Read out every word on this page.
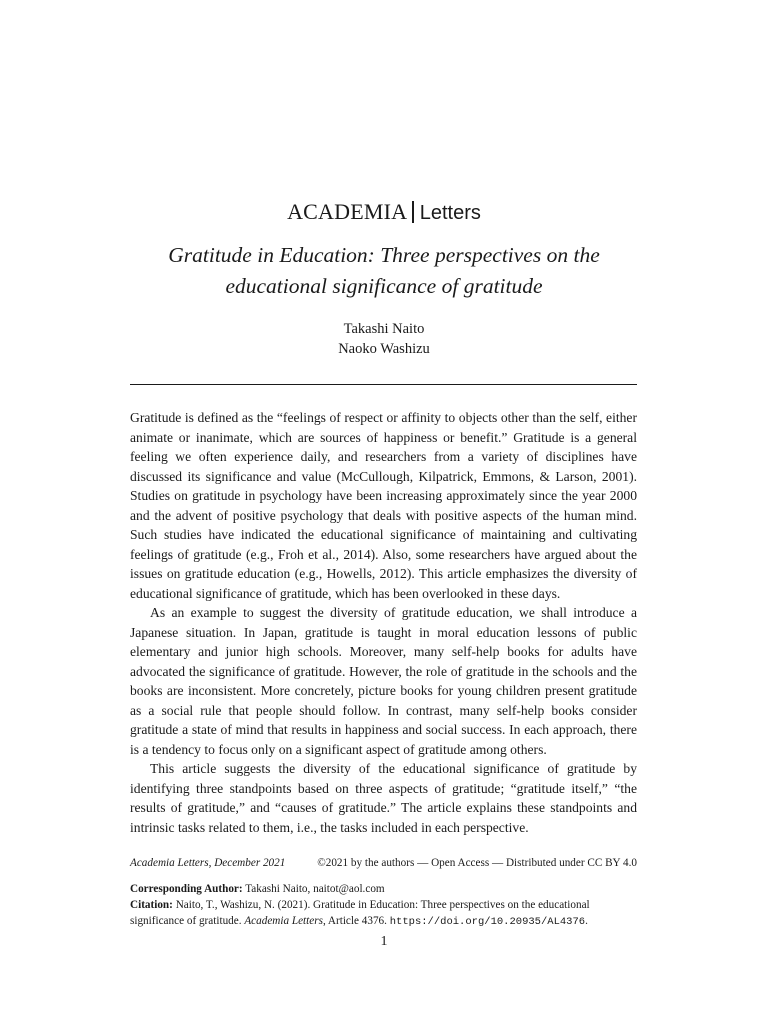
ACADEMIA Letters
Gratitude in Education: Three perspectives on the
educational significance of gratitude
Takashi Naito
Naoko Washizu

Gratitude is defined as the “feelings of respect or affinity to objects other than the self, either animate or inanimate, which are sources of happiness or benefit.” Gratitude is a general feeling we often experience daily, and researchers from a variety of disciplines have discussed its significance and value (McCullough, Kilpatrick, Emmons, & Larson, 2001). Studies on gratitude in psychology have been increasing approximately since the year 2000 and the advent of positive psychology that deals with positive aspects of the human mind. Such studies have indicated the educational significance of maintaining and cultivating feelings of gratitude (e.g., Froh et al., 2014). Also, some researchers have argued about the issues on gratitude education (e.g., Howells, 2012). This article emphasizes the diversity of educational significance of gratitude, which has been overlooked in these days.

As an example to suggest the diversity of gratitude education, we shall introduce a Japanese situation. In Japan, gratitude is taught in moral education lessons of public elementary and junior high schools. Moreover, many self-help books for adults have advocated the significance of gratitude. However, the role of gratitude in the schools and the books are inconsistent. More concretely, picture books for young children present gratitude as a social rule that people should follow. In contrast, many self-help books consider gratitude a state of mind that results in happiness and social success. In each approach, there is a tendency to focus only on a significant aspect of gratitude among others.

This article suggests the diversity of the educational significance of gratitude by identifying three standpoints based on three aspects of gratitude; “gratitude itself,” “the results of gratitude,” and “causes of gratitude.” The article explains these standpoints and intrinsic tasks related to them, i.e., the tasks included in each perspective.

Academia Letters, December 2021	©2021 by the authors — Open Access — Distributed under CC BY 4.0
Corresponding Author: Takashi Naito, naitot@aol.com
Citation: Naito, T., Washizu, N. (2021). Gratitude in Education: Three perspectives on the educational significance of gratitude. Academia Letters, Article 4376. https://doi.org/10.20935/AL4376.
1
